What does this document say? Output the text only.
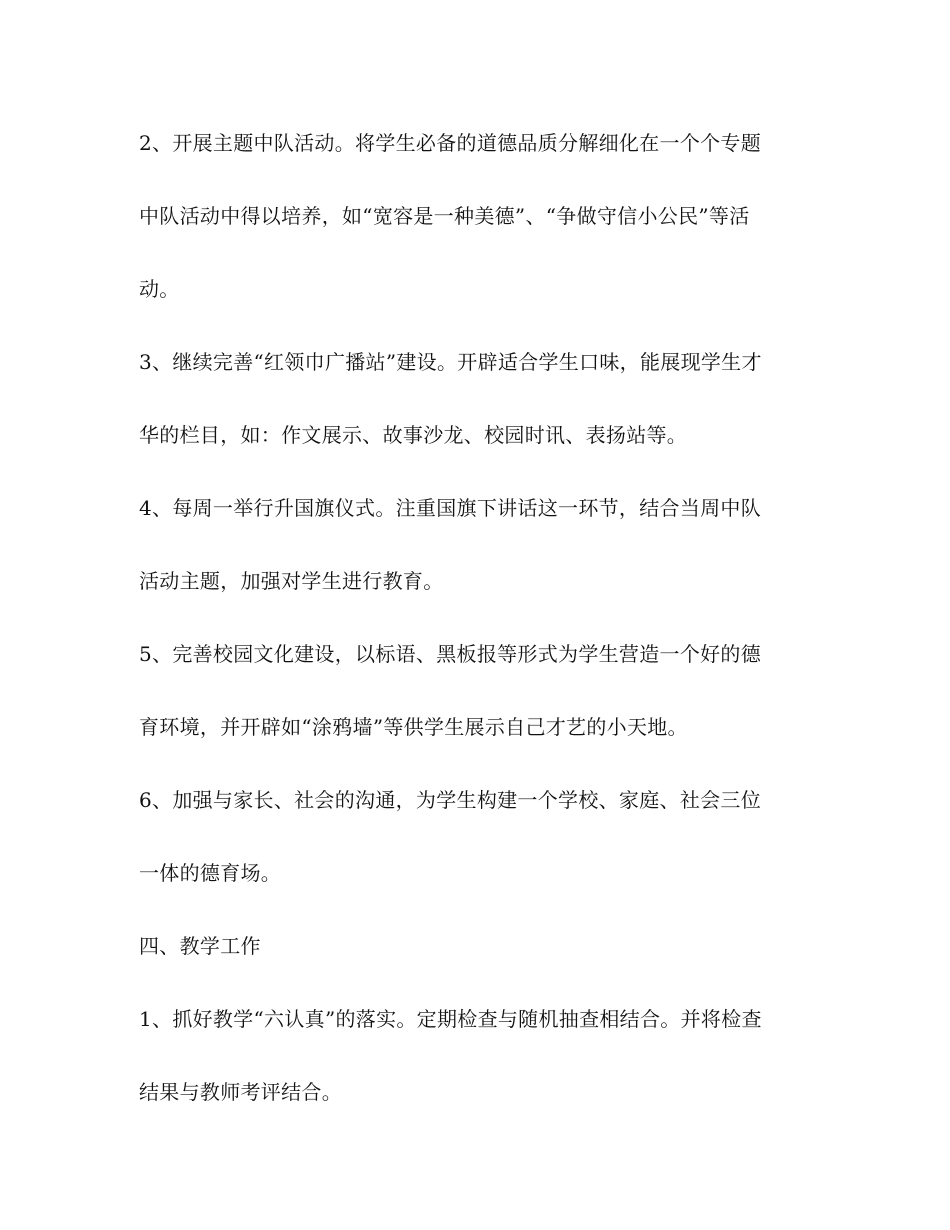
2、开展主题中队活动。将学生必备的道德品质分解细化在一个个专题
中队活动中得以培养，如“宽容是一种美德”、“争做守信小公民”等活
动。
3、继续完善“红领巾广播站”建设。开辟适合学生口味，能展现学生才
华的栏目，如：作文展示、故事沙龙、校园时讯、表扬站等。
4、每周一举行升国旗仪式。注重国旗下讲话这一环节，结合当周中队
活动主题，加强对学生进行教育。
5、完善校园文化建设，以标语、黑板报等形式为学生营造一个好的德
育环境，并开辟如“涂鸦墙”等供学生展示自己才艺的小天地。
6、加强与家长、社会的沟通，为学生构建一个学校、家庭、社会三位
一体的德育场。
四、教学工作
1、抓好教学“六认真”的落实。定期检查与随机抽查相结合。并将检查
结果与教师考评结合。
